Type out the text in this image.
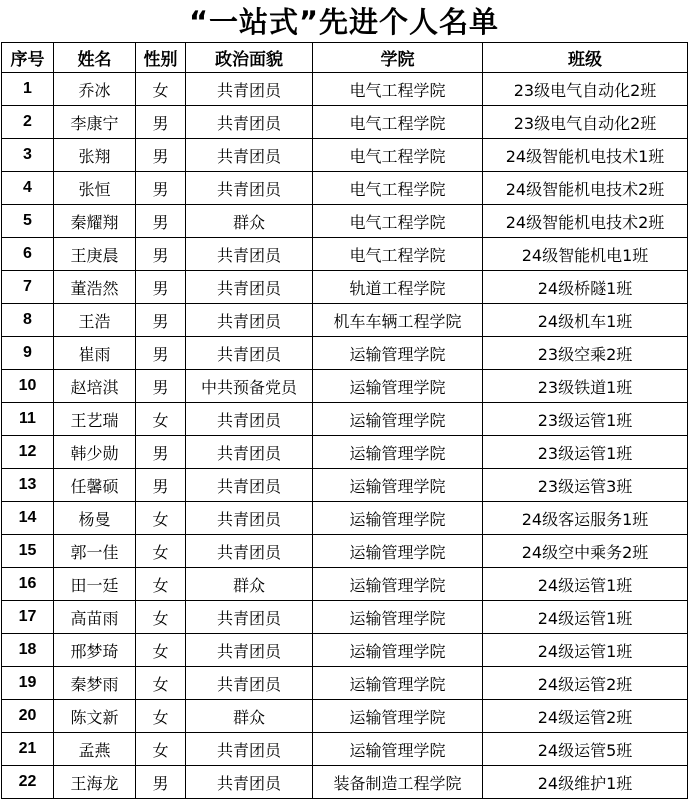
“一站式”先进个人名单
序号	姓名	性别	政治面貌	学院	班级
1	乔冰	女	共青团员	电气工程学院	23级电气自动化2班
2	李康宁	男	共青团员	电气工程学院	23级电气自动化2班
3	张翔	男	共青团员	电气工程学院	24级智能机电技术1班
4	张恒	男	共青团员	电气工程学院	24级智能机电技术2班
5	秦耀翔	男	群众	电气工程学院	24级智能机电技术2班
6	王庚晨	男	共青团员	电气工程学院	24级智能机电1班
7	董浩然	男	共青团员	轨道工程学院	24级桥隧1班
8	王浩	男	共青团员	机车车辆工程学院	24级机车1班
9	崔雨	男	共青团员	运输管理学院	23级空乘2班
10	赵培淇	男	中共预备党员	运输管理学院	23级铁道1班
11	王艺瑞	女	共青团员	运输管理学院	23级运管1班
12	韩少勋	男	共青团员	运输管理学院	23级运管1班
13	任馨硕	男	共青团员	运输管理学院	23级运管3班
14	杨曼	女	共青团员	运输管理学院	24级客运服务1班
15	郭一佳	女	共青团员	运输管理学院	24级空中乘务2班
16	田一廷	女	群众	运输管理学院	24级运管1班
17	高苗雨	女	共青团员	运输管理学院	24级运管1班
18	邢梦琦	女	共青团员	运输管理学院	24级运管1班
19	秦梦雨	女	共青团员	运输管理学院	24级运管2班
20	陈文新	女	群众	运输管理学院	24级运管2班
21	孟燕	女	共青团员	运输管理学院	24级运管5班
22	王海龙	男	共青团员	装备制造工程学院	24级维护1班
